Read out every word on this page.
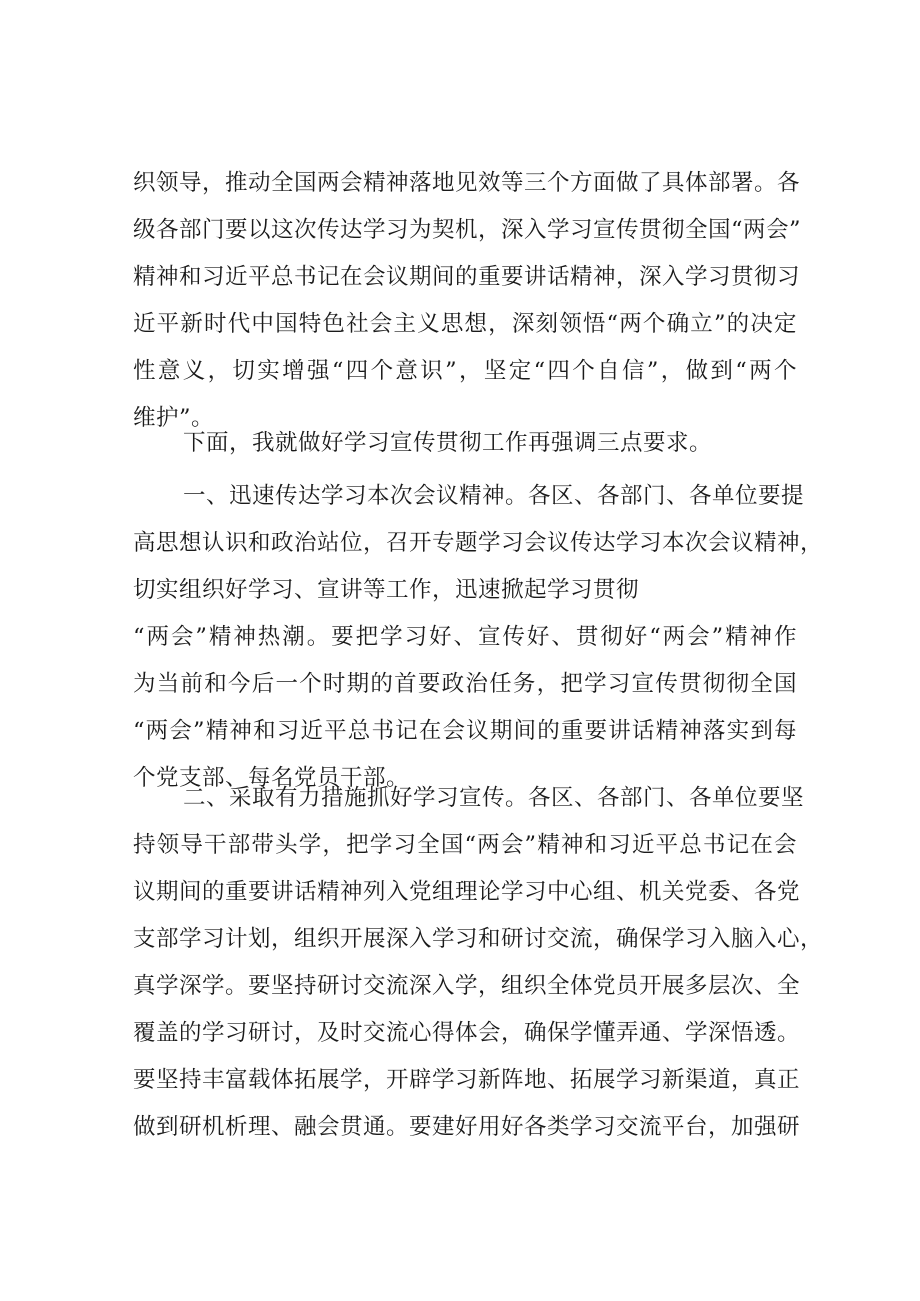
织领导，推动全国两会精神落地见效等三个方面做了具体部署。各
级各部门要以这次传达学习为契机，深入学习宣传贯彻全国“两会”
精神和习近平总书记在会议期间的重要讲话精神，深入学习贯彻习
近平新时代中国特色社会主义思想，深刻领悟“两个确立”的决定
性意义，切实增强“四个意识”，坚定“四个自信”，做到“两个
维护”。
下面，我就做好学习宣传贯彻工作再强调三点要求。
一、迅速传达学习本次会议精神。各区、各部门、各单位要提
高思想认识和政治站位，召开专题学习会议传达学习本次会议精神，
切实组织好学习、宣讲等工作，迅速掀起学习贯彻
“两会”精神热潮。要把学习好、宣传好、贯彻好“两会”精神作
为当前和今后一个时期的首要政治任务，把学习宣传贯彻彻全国
“两会”精神和习近平总书记在会议期间的重要讲话精神落实到每
个党支部、每名党员干部。
二、采取有力措施抓好学习宣传。各区、各部门、各单位要坚
持领导干部带头学，把学习全国“两会”精神和习近平总书记在会
议期间的重要讲话精神列入党组理论学习中心组、机关党委、各党
支部学习计划，组织开展深入学习和研讨交流，确保学习入脑入心，
真学深学。要坚持研讨交流深入学，组织全体党员开展多层次、全
覆盖的学习研讨，及时交流心得体会，确保学懂弄通、学深悟透。
要坚持丰富载体拓展学，开辟学习新阵地、拓展学习新渠道，真正
做到研机析理、融会贯通。要建好用好各类学习交流平台，加强研
